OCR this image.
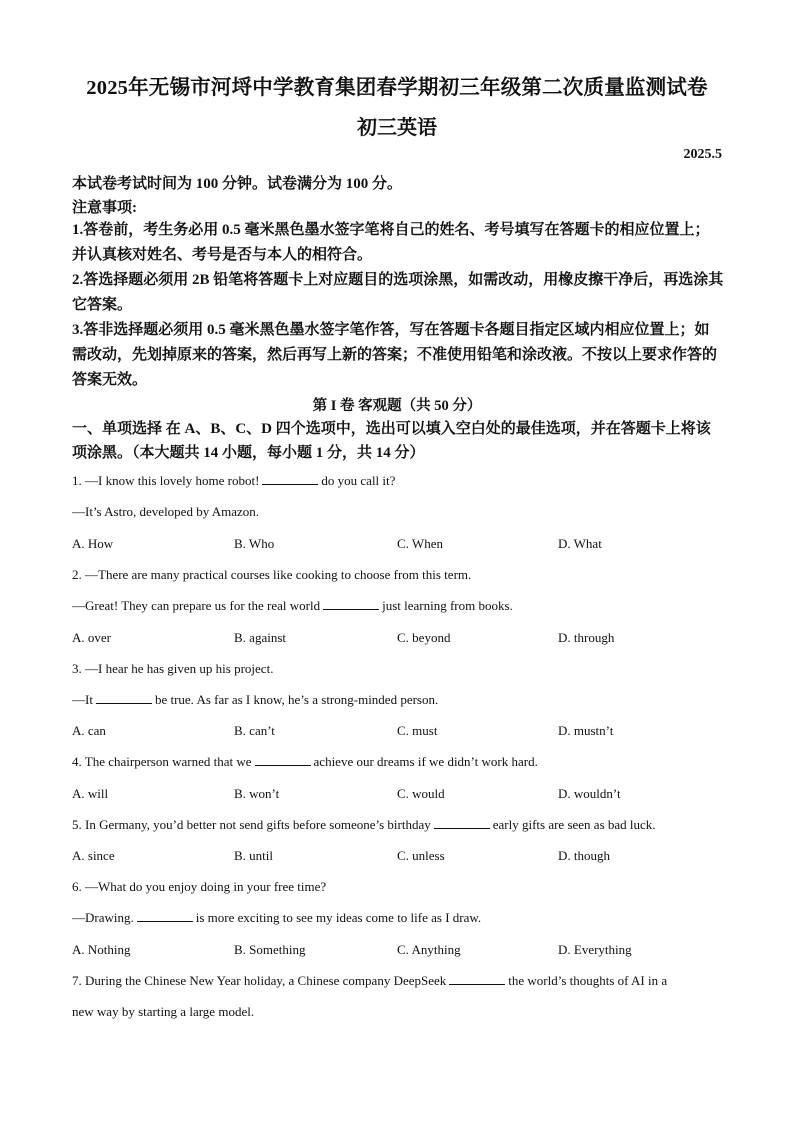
2025年无锡市河埒中学教育集团春学期初三年级第二次质量监测试卷
初三英语
2025.5
本试卷考试时间为 100 分钟。试卷满分为 100 分。
注意事项:
1.答卷前，考生务必用 0.5 毫米黑色墨水签字笔将自己的姓名、考号填写在答题卡的相应位置上；并认真核对姓名、考号是否与本人的相符合。
2.答选择题必须用 2B 铅笔将答题卡上对应题目的选项涂黑，如需改动，用橡皮擦干净后，再选涂其它答案。
3.答非选择题必须用 0.5 毫米黑色墨水签字笔作答，写在答题卡各题目指定区域内相应位置上；如需改动，先划掉原来的答案，然后再写上新的答案；不准使用铅笔和涂改液。不按以上要求作答的答案无效。
第 I 卷 客观题（共 50 分）
一、单项选择 在 A、B、C、D 四个选项中，选出可以填入空白处的最佳选项，并在答题卡上将该项涂黑。（本大题共 14 小题，每小题 1 分，共 14 分）
1. —I know this lovely home robot!	do you call it?
—It’s Astro, developed by Amazon.
A. How	B. Who	C. When	D. What
2. —There are many practical courses like cooking to choose from this term.
—Great! They can prepare us for the real world	just learning from books.
A. over	B. against	C. beyond	D. through
3. —I hear he has given up his project.
—It	be true. As far as I know, he’s a strong-minded person.
A. can	B. can’t	C. must	D. mustn’t
4. The chairperson warned that we	achieve our dreams if we didn’t work hard.
A. will	B. won’t	C. would	D. wouldn’t
5. In Germany, you’d better not send gifts before someone’s birthday	early gifts are seen as bad luck.
A. since	B. until	C. unless	D. though
6. —What do you enjoy doing in your free time?
—Drawing.	is more exciting to see my ideas come to life as I draw.
A. Nothing	B. Something	C. Anything	D. Everything
7. During the Chinese New Year holiday, a Chinese company DeepSeek	the world’s thoughts of AI in a
new way by starting a large model.
